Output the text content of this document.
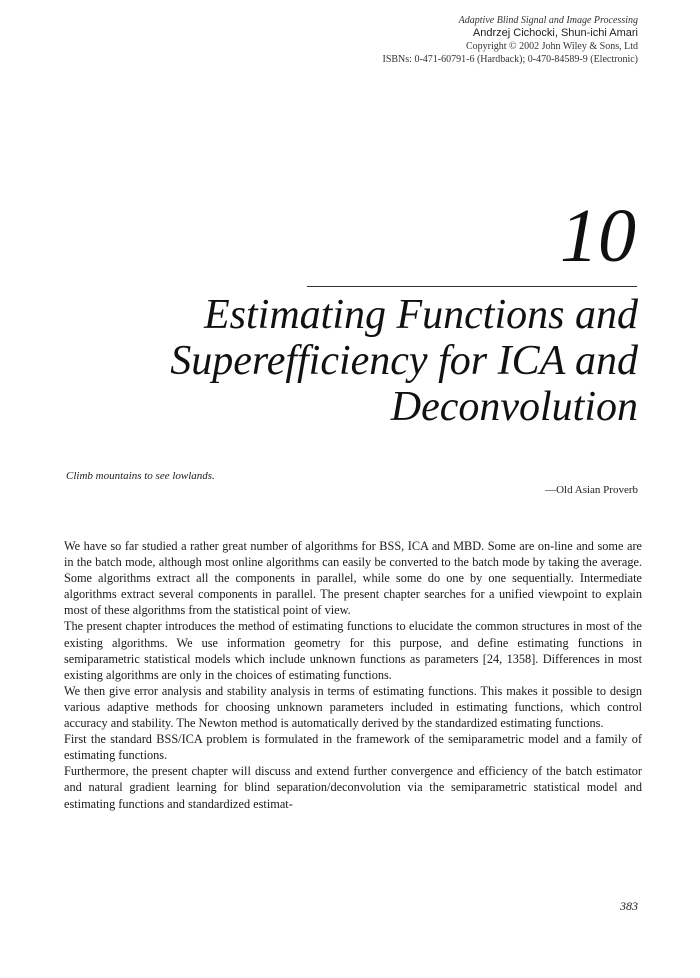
Adaptive Blind Signal and Image Processing
Andrzej Cichocki, Shun-ichi Amari
Copyright © 2002 John Wiley & Sons, Ltd
ISBNs: 0-471-60791-6 (Hardback); 0-470-84589-9 (Electronic)
10
Estimating Functions and
Superefficiency for ICA and
Deconvolution
Climb mountains to see lowlands.
—Old Asian Proverb

We have so far studied a rather great number of algorithms for BSS, ICA and MBD. Some are on-line and some are in the batch mode, although most online algorithms can easily be converted to the batch mode by taking the average. Some algorithms extract all the components in parallel, while some do one by one sequentially. Intermediate algorithms extract several components in parallel. The present chapter searches for a unified viewpoint to explain most of these algorithms from the statistical point of view.

The present chapter introduces the method of estimating functions to elucidate the common structures in most of the existing algorithms. We use information geometry for this purpose, and define estimating functions in semiparametric statistical models which include unknown functions as parameters [24, 1358]. Differences in most existing algorithms are only in the choices of estimating functions.

We then give error analysis and stability analysis in terms of estimating functions. This makes it possible to design various adaptive methods for choosing unknown parameters included in estimating functions, which control accuracy and stability. The Newton method is automatically derived by the standardized estimating functions.

First the standard BSS/ICA problem is formulated in the framework of the semiparametric model and a family of estimating functions.

Furthermore, the present chapter will discuss and extend further convergence and efficiency of the batch estimator and natural gradient learning for blind separation/deconvolution via the semiparametric statistical model and estimating functions and standardized estimat-

383
